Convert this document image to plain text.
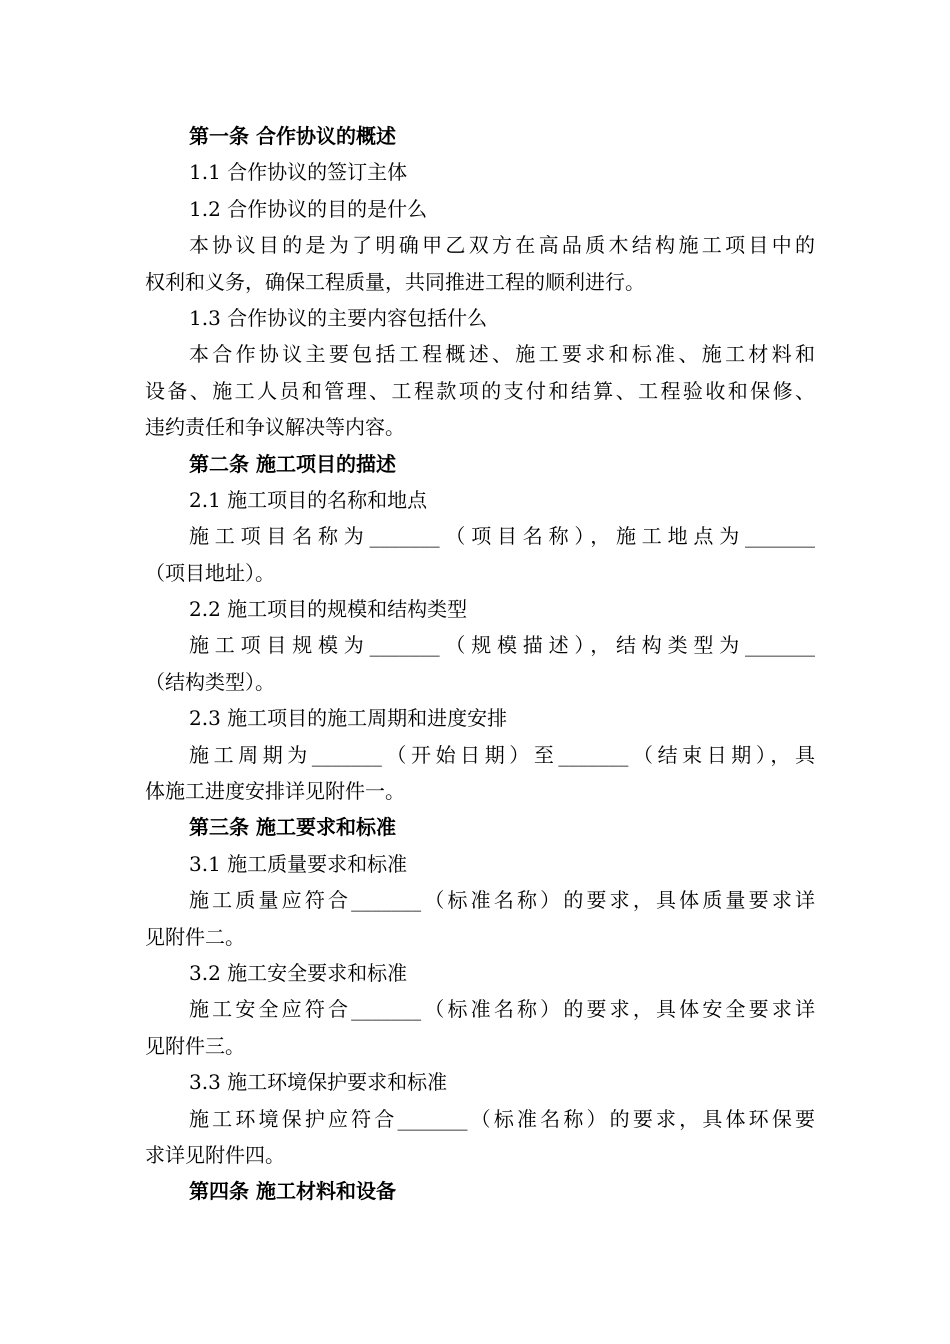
第一条 合作协议的概述
1.1 合作协议的签订主体
1.2 合作协议的目的是什么
本协议目的是为了明确甲乙双方在高品质木结构施工项目中的
权利和义务，确保工程质量，共同推进工程的顺利进行。
1.3 合作协议的主要内容包括什么
本合作协议主要包括工程概述、施工要求和标准、施工材料和
设备、施工人员和管理、工程款项的支付和结算、工程验收和保修、
违约责任和争议解决等内容。
第二条 施工项目的描述
2.1 施工项目的名称和地点
施工项目名称为_______（项目名称），施工地点为_______
（项目地址）。
2.2 施工项目的规模和结构类型
施工项目规模为_______（规模描述），结构类型为_______
（结构类型）。
2.3 施工项目的施工周期和进度安排
施工周期为_______（开始日期）至_______（结束日期），具
体施工进度安排详见附件一。
第三条 施工要求和标准
3.1 施工质量要求和标准
施工质量应符合_______（标准名称）的要求，具体质量要求详
见附件二。
3.2 施工安全要求和标准
施工安全应符合_______（标准名称）的要求，具体安全要求详
见附件三。
3.3 施工环境保护要求和标准
施工环境保护应符合_______（标准名称）的要求，具体环保要
求详见附件四。
第四条 施工材料和设备
